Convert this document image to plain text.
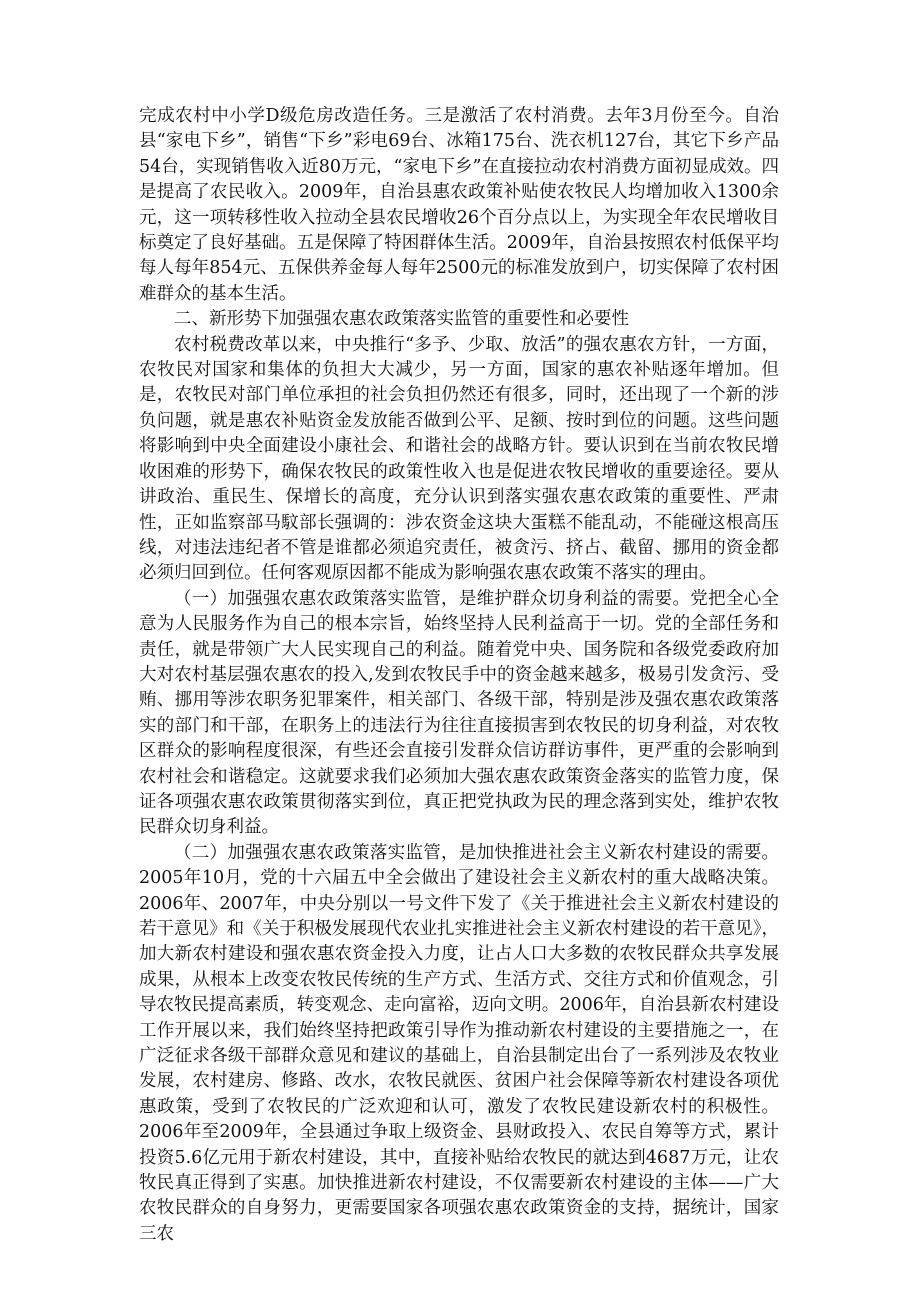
完成农村中小学D级危房改造任务。三是激活了农村消费。去年3月份至今。自治县“家电下乡”，销售“下乡”彩电69台、冰箱175台、洗衣机127台，其它下乡产品54台，实现销售收入近80万元，“家电下乡”在直接拉动农村消费方面初显成效。四是提高了农民收入。2009年，自治县惠农政策补贴使农牧民人均增加收入1300余元，这一项转移性收入拉动全县农民增收26个百分点以上，为实现全年农民增收目标奠定了良好基础。五是保障了特困群体生活。2009年，自治县按照农村低保平均每人每年854元、五保供养金每人每年2500元的标准发放到户，切实保障了农村困难群众的基本生活。

二、新形势下加强强农惠农政策落实监管的重要性和必要性

农村税费改革以来，中央推行“多予、少取、放活”的强农惠农方针，一方面，农牧民对国家和集体的负担大大减少，另一方面，国家的惠农补贴逐年增加。但是，农牧民对部门单位承担的社会负担仍然还有很多，同时，还出现了一个新的涉负问题，就是惠农补贴资金发放能否做到公平、足额、按时到位的问题。这些问题将影响到中央全面建设小康社会、和谐社会的战略方针。要认识到在当前农牧民增收困难的形势下，确保农牧民的政策性收入也是促进农牧民增收的重要途径。要从讲政治、重民生、保增长的高度，充分认识到落实强农惠农政策的重要性、严肃性，正如监察部马馼部长强调的：涉农资金这块大蛋糕不能乱动，不能碰这根高压线，对违法违纪者不管是谁都必须追究责任，被贪污、挤占、截留、挪用的资金都必须归回到位。任何客观原因都不能成为影响强农惠农政策不落实的理由。

（一）加强强农惠农政策落实监管，是维护群众切身利益的需要。党把全心全意为人民服务作为自己的根本宗旨，始终坚持人民利益高于一切。党的全部任务和责任，就是带领广大人民实现自己的利益。随着党中央、国务院和各级党委政府加大对农村基层强农惠农的投入,发到农牧民手中的资金越来越多，极易引发贪污、受贿、挪用等涉农职务犯罪案件，相关部门、各级干部，特别是涉及强农惠农政策落实的部门和干部，在职务上的违法行为往往直接损害到农牧民的切身利益，对农牧区群众的影响程度很深，有些还会直接引发群众信访群访事件，更严重的会影响到农村社会和谐稳定。这就要求我们必须加大强农惠农政策资金落实的监管力度，保证各项强农惠农政策贯彻落实到位，真正把党执政为民的理念落到实处，维护农牧民群众切身利益。

（二）加强强农惠农政策落实监管，是加快推进社会主义新农村建设的需要。2005年10月，党的十六届五中全会做出了建设社会主义新农村的重大战略决策。2006年、2007年，中央分别以一号文件下发了《关于推进社会主义新农村建设的若干意见》和《关于积极发展现代农业扎实推进社会主义新农村建设的若干意见》，加大新农村建设和强农惠农资金投入力度，让占人口大多数的农牧民群众共享发展成果，从根本上改变农牧民传统的生产方式、生活方式、交往方式和价值观念，引导农牧民提高素质，转变观念、走向富裕，迈向文明。2006年，自治县新农村建设工作开展以来，我们始终坚持把政策引导作为推动新农村建设的主要措施之一，在广泛征求各级干部群众意见和建议的基础上，自治县制定出台了一系列涉及农牧业发展，农村建房、修路、改水，农牧民就医、贫困户社会保障等新农村建设各项优惠政策，受到了农牧民的广泛欢迎和认可，激发了农牧民建设新农村的积极性。2006年至2009年，全县通过争取上级资金、县财政投入、农民自筹等方式，累计投资5.6亿元用于新农村建设，其中，直接补贴给农牧民的就达到4687万元，让农牧民真正得到了实惠。加快推进新农村建设，不仅需要新农村建设的主体——广大农牧民群众的自身努力，更需要国家各项强农惠农政策资金的支持，据统计，国家三农
